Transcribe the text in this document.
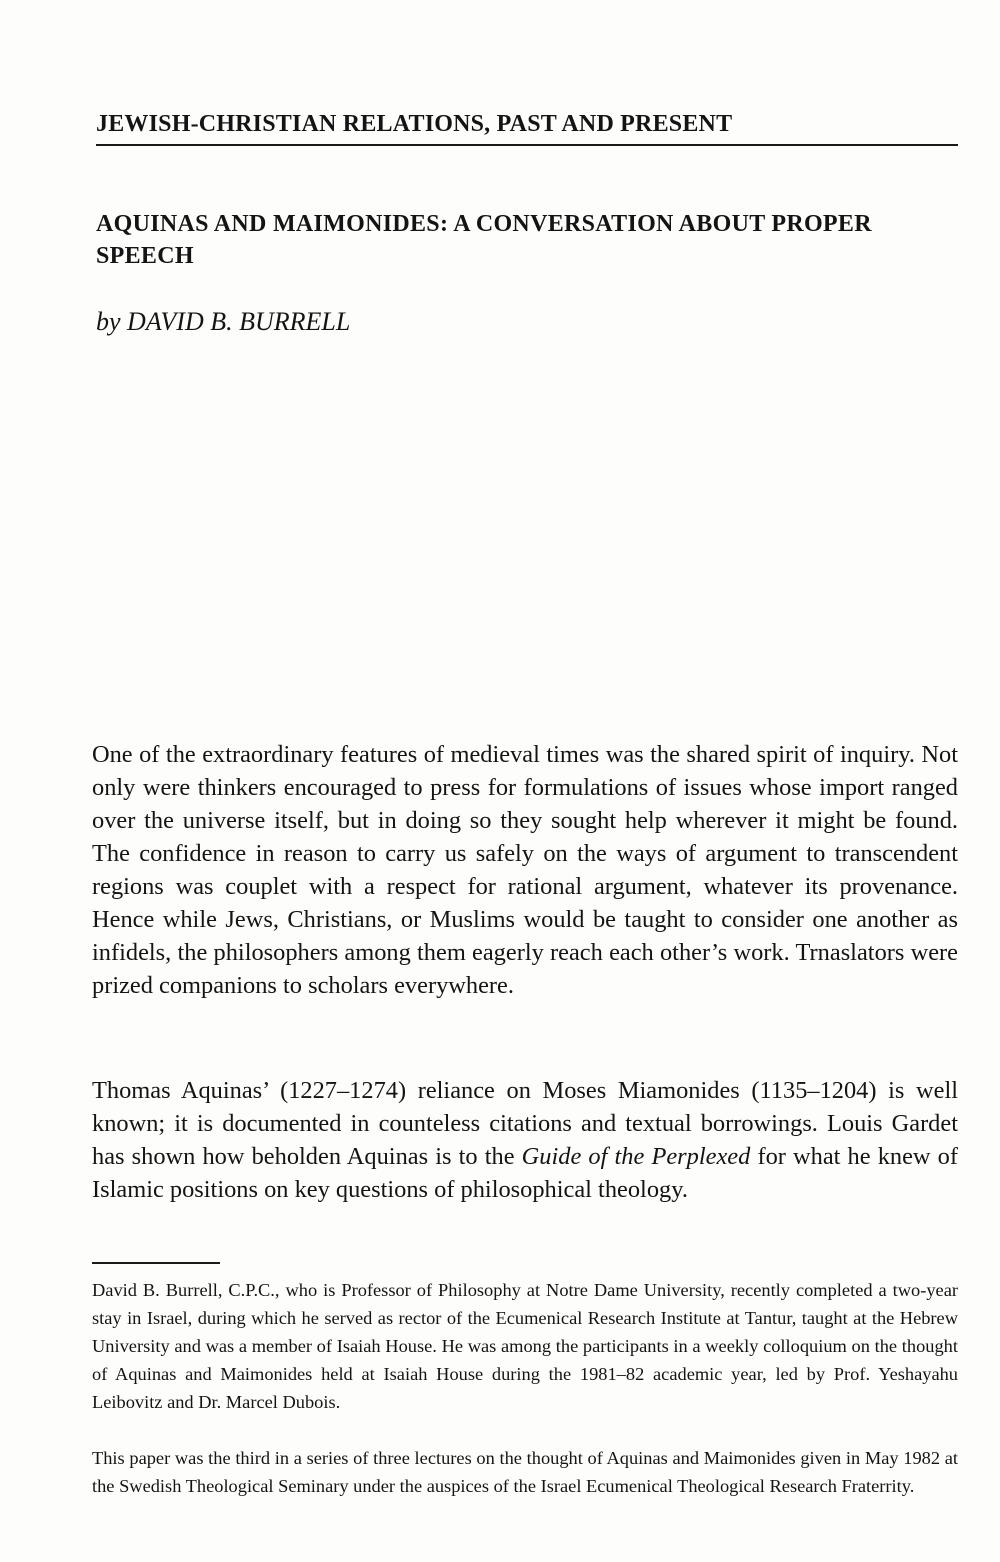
JEWISH-CHRISTIAN RELATIONS, PAST AND PRESENT
AQUINAS AND MAIMONIDES: A CONVERSATION ABOUT PROPER SPEECH
by DAVID B. BURRELL

One of the extraordinary features of medieval times was the shared spirit of inquiry. Not only were thinkers encouraged to press for formulations of issues whose import ranged over the universe itself, but in doing so they sought help wherever it might be found. The confidence in reason to carry us safely on the ways of argument to transcendent regions was couplet with a respect for rational argument, whatever its provenance. Hence while Jews, Christians, or Muslims would be taught to consider one another as infidels, the philosophers among them eagerly reach each other’s work. Trnaslators were prized companions to scholars everywhere.

Thomas Aquinas’ (1227–1274) reliance on Moses Miamonides (1135–1204) is well known; it is documented in counteless citations and textual borrowings. Louis Gardet has shown how beholden Aquinas is to the Guide of the Perplexed for what he knew of Islamic positions on key questions of philosophical theology.

David B. Burrell, C.P.C., who is Professor of Philosophy at Notre Dame University, recently completed a two-year stay in Israel, during which he served as rector of the Ecumenical Research Institute at Tantur, taught at the Hebrew University and was a member of Isaiah House. He was among the participants in a weekly colloquium on the thought of Aquinas and Maimonides held at Isaiah House during the 1981–82 academic year, led by Prof. Yeshayahu Leibovitz and Dr. Marcel Dubois.

This paper was the third in a series of three lectures on the thought of Aquinas and Maimonides given in May 1982 at the Swedish Theological Seminary under the auspices of the Israel Ecumenical Theological Research Fraterrity.
